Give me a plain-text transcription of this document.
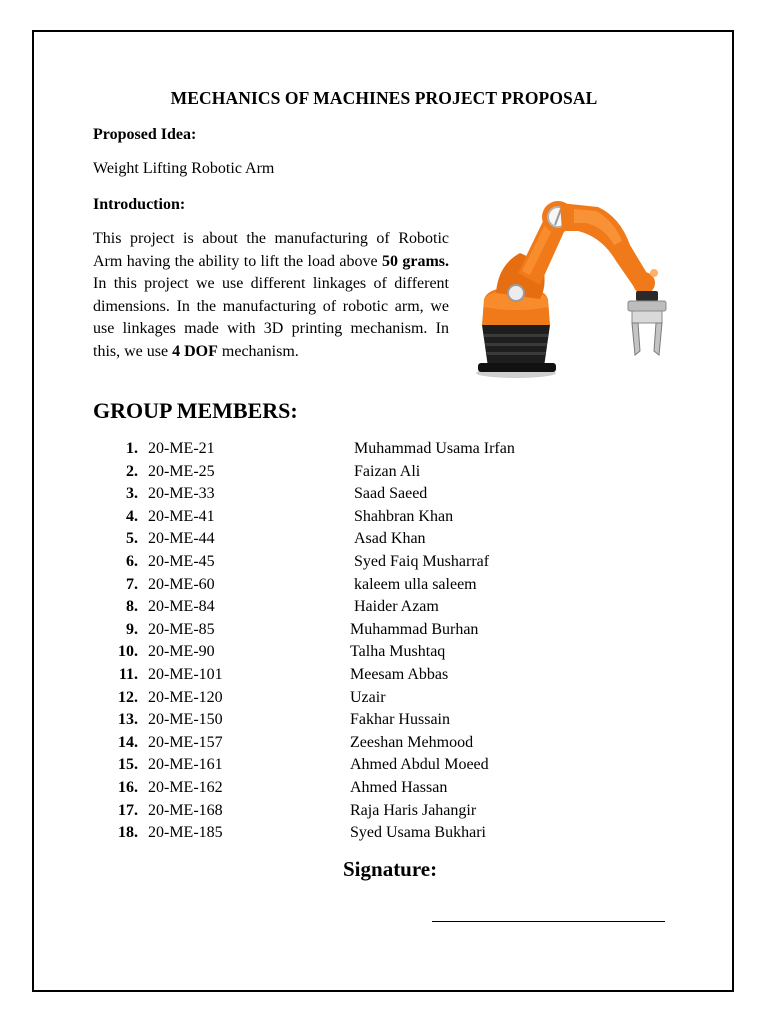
MECHANICS OF MACHINES PROJECT PROPOSAL
Proposed Idea:
Weight Lifting Robotic Arm
Introduction:

This project is about the manufacturing of Robotic Arm having the ability to lift the load above 50 grams. In this project we use different linkages of different dimensions. In the manufacturing of robotic arm, we use linkages made with 3D printing mechanism. In this, we use 4 DOF mechanism.

GROUP MEMBERS:
1. 20-ME-21	Muhammad Usama Irfan
2. 20-ME-25	Faizan Ali
3. 20-ME-33	Saad Saeed
4. 20-ME-41	Shahbran Khan
5. 20-ME-44	Asad Khan
6. 20-ME-45	Syed Faiq Musharraf
7. 20-ME-60	kaleem ulla saleem
8. 20-ME-84	Haider Azam
9. 20-ME-85	Muhammad Burhan
10. 20-ME-90	Talha Mushtaq
11. 20-ME-101	Meesam Abbas
12. 20-ME-120	Uzair
13. 20-ME-150	Fakhar Hussain
14. 20-ME-157	Zeeshan Mehmood
15. 20-ME-161	Ahmed Abdul Moeed
16. 20-ME-162	Ahmed Hassan
17. 20-ME-168	Raja Haris Jahangir
18. 20-ME-185	Syed Usama Bukhari
Signature:
